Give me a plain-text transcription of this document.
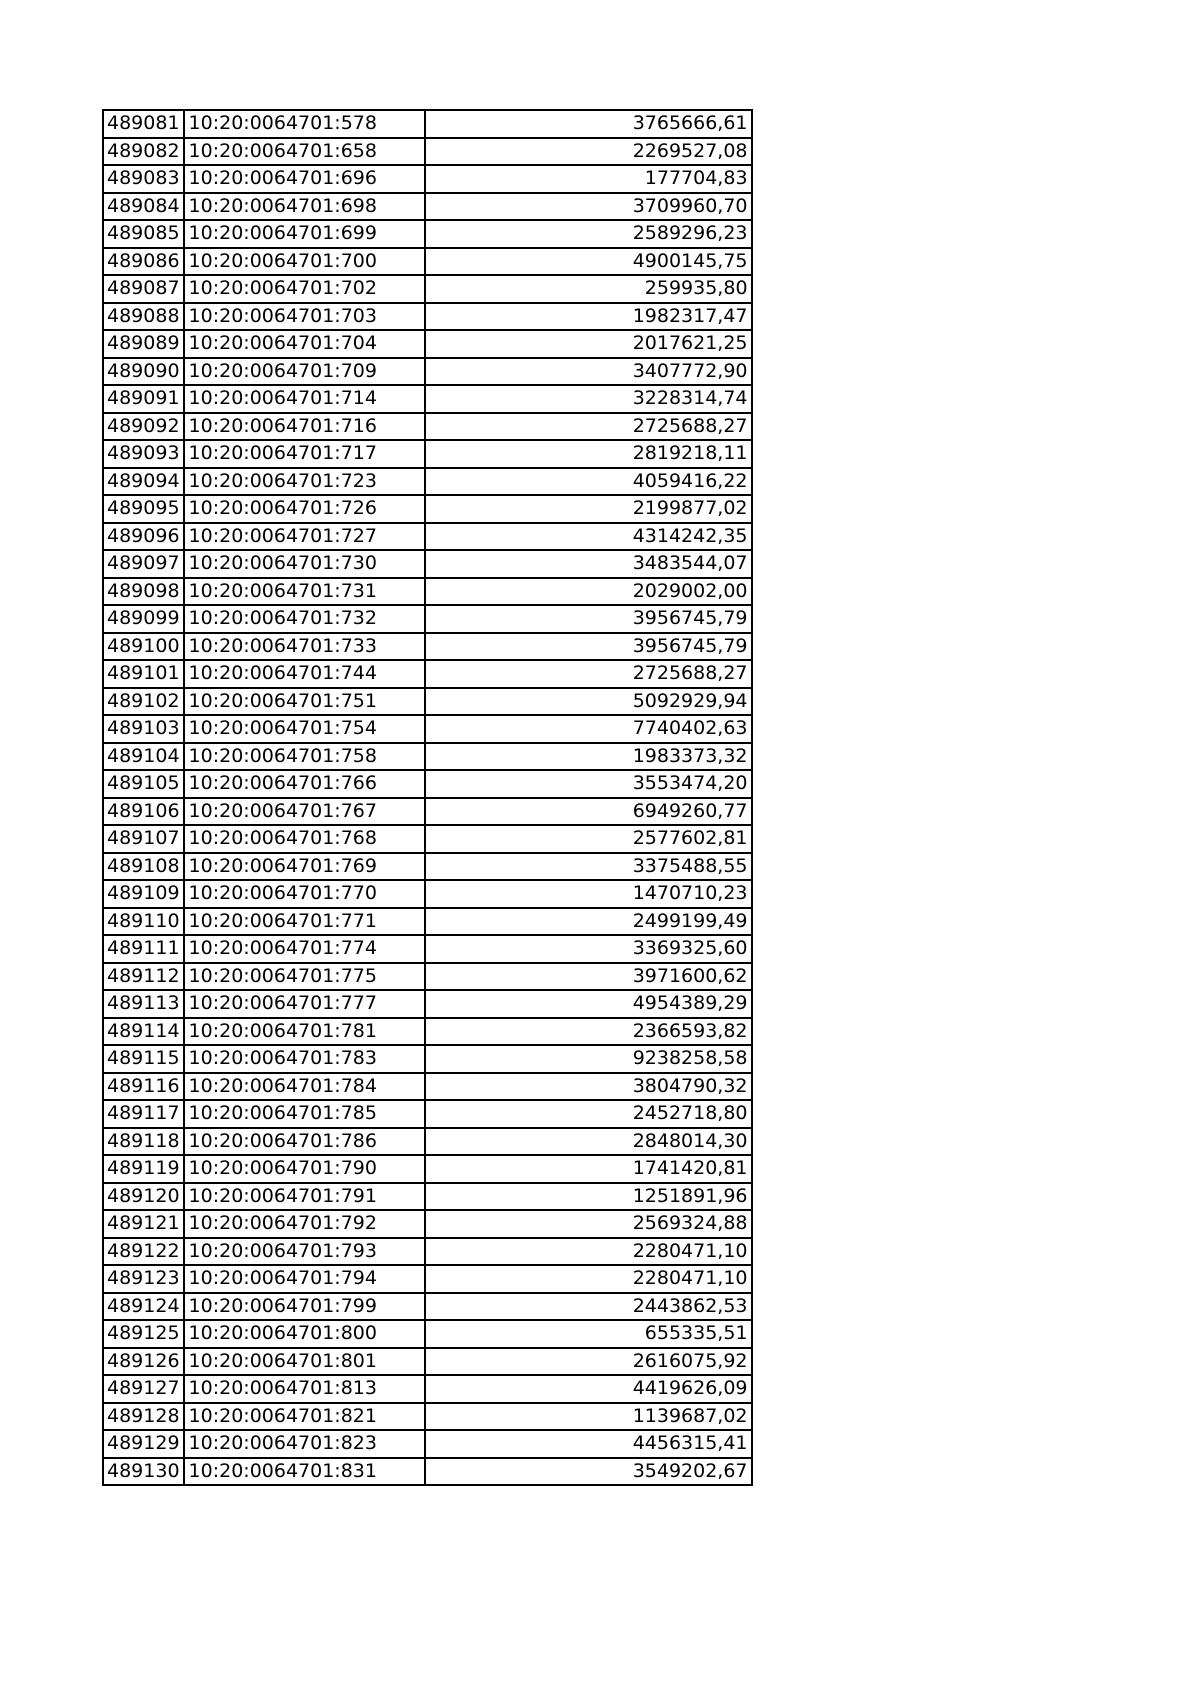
489081	10:20:0064701:578	3765666,61
489082	10:20:0064701:658	2269527,08
489083	10:20:0064701:696	177704,83
489084	10:20:0064701:698	3709960,70
489085	10:20:0064701:699	2589296,23
489086	10:20:0064701:700	4900145,75
489087	10:20:0064701:702	259935,80
489088	10:20:0064701:703	1982317,47
489089	10:20:0064701:704	2017621,25
489090	10:20:0064701:709	3407772,90
489091	10:20:0064701:714	3228314,74
489092	10:20:0064701:716	2725688,27
489093	10:20:0064701:717	2819218,11
489094	10:20:0064701:723	4059416,22
489095	10:20:0064701:726	2199877,02
489096	10:20:0064701:727	4314242,35
489097	10:20:0064701:730	3483544,07
489098	10:20:0064701:731	2029002,00
489099	10:20:0064701:732	3956745,79
489100	10:20:0064701:733	3956745,79
489101	10:20:0064701:744	2725688,27
489102	10:20:0064701:751	5092929,94
489103	10:20:0064701:754	7740402,63
489104	10:20:0064701:758	1983373,32
489105	10:20:0064701:766	3553474,20
489106	10:20:0064701:767	6949260,77
489107	10:20:0064701:768	2577602,81
489108	10:20:0064701:769	3375488,55
489109	10:20:0064701:770	1470710,23
489110	10:20:0064701:771	2499199,49
489111	10:20:0064701:774	3369325,60
489112	10:20:0064701:775	3971600,62
489113	10:20:0064701:777	4954389,29
489114	10:20:0064701:781	2366593,82
489115	10:20:0064701:783	9238258,58
489116	10:20:0064701:784	3804790,32
489117	10:20:0064701:785	2452718,80
489118	10:20:0064701:786	2848014,30
489119	10:20:0064701:790	1741420,81
489120	10:20:0064701:791	1251891,96
489121	10:20:0064701:792	2569324,88
489122	10:20:0064701:793	2280471,10
489123	10:20:0064701:794	2280471,10
489124	10:20:0064701:799	2443862,53
489125	10:20:0064701:800	655335,51
489126	10:20:0064701:801	2616075,92
489127	10:20:0064701:813	4419626,09
489128	10:20:0064701:821	1139687,02
489129	10:20:0064701:823	4456315,41
489130	10:20:0064701:831	3549202,67
